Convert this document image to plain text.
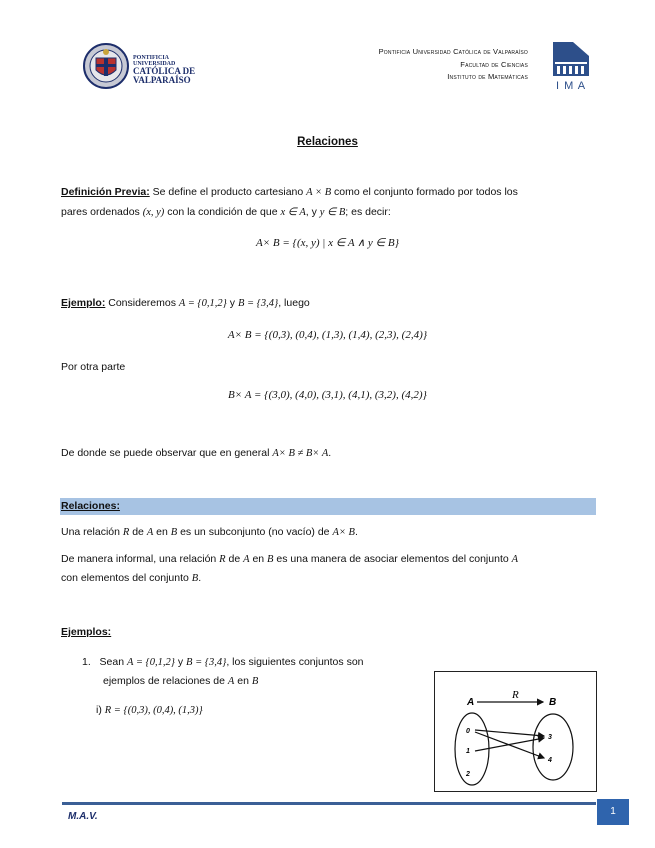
PONTIFICIA
UNIVERSIDAD
CATÓLICA DE
VALPARAÍSO
Pontificia Universidad Católica de Valparaíso
Facultad de Ciencias
Instituto de Matemáticas
I M A
Relaciones
Definición Previa: Se define el producto cartesiano A × B como el conjunto formado por todos los
pares ordenados (x, y) con la condición de que x ∈ A, y y ∈ B; es decir:
A× B = {(x, y) | x ∈ A ∧ y ∈ B}
Ejemplo: Consideremos A = {0,1,2} y B = {3,4}, luego
A× B = {(0,3), (0,4), (1,3), (1,4), (2,3), (2,4)}
Por otra parte
B× A = {(3,0), (4,0), (3,1), (4,1), (3,2), (4,2)}
De donde se puede observar que en general A× B ≠ B× A.
Relaciones:
Una relación R de A en B es un subconjunto (no vacío) de A× B.
De manera informal, una relación R de A en B es una manera de asociar elementos del conjunto A
con elementos del conjunto B.
Ejemplos:
1. Sean A = {0,1,2} y B = {3,4}, los siguientes conjuntos son
ejemplos de relaciones de A en B
i) R = {(0,3), (0,4), (1,3)}
A
R
B
0
1
2
3
4
M.A.V.	1
